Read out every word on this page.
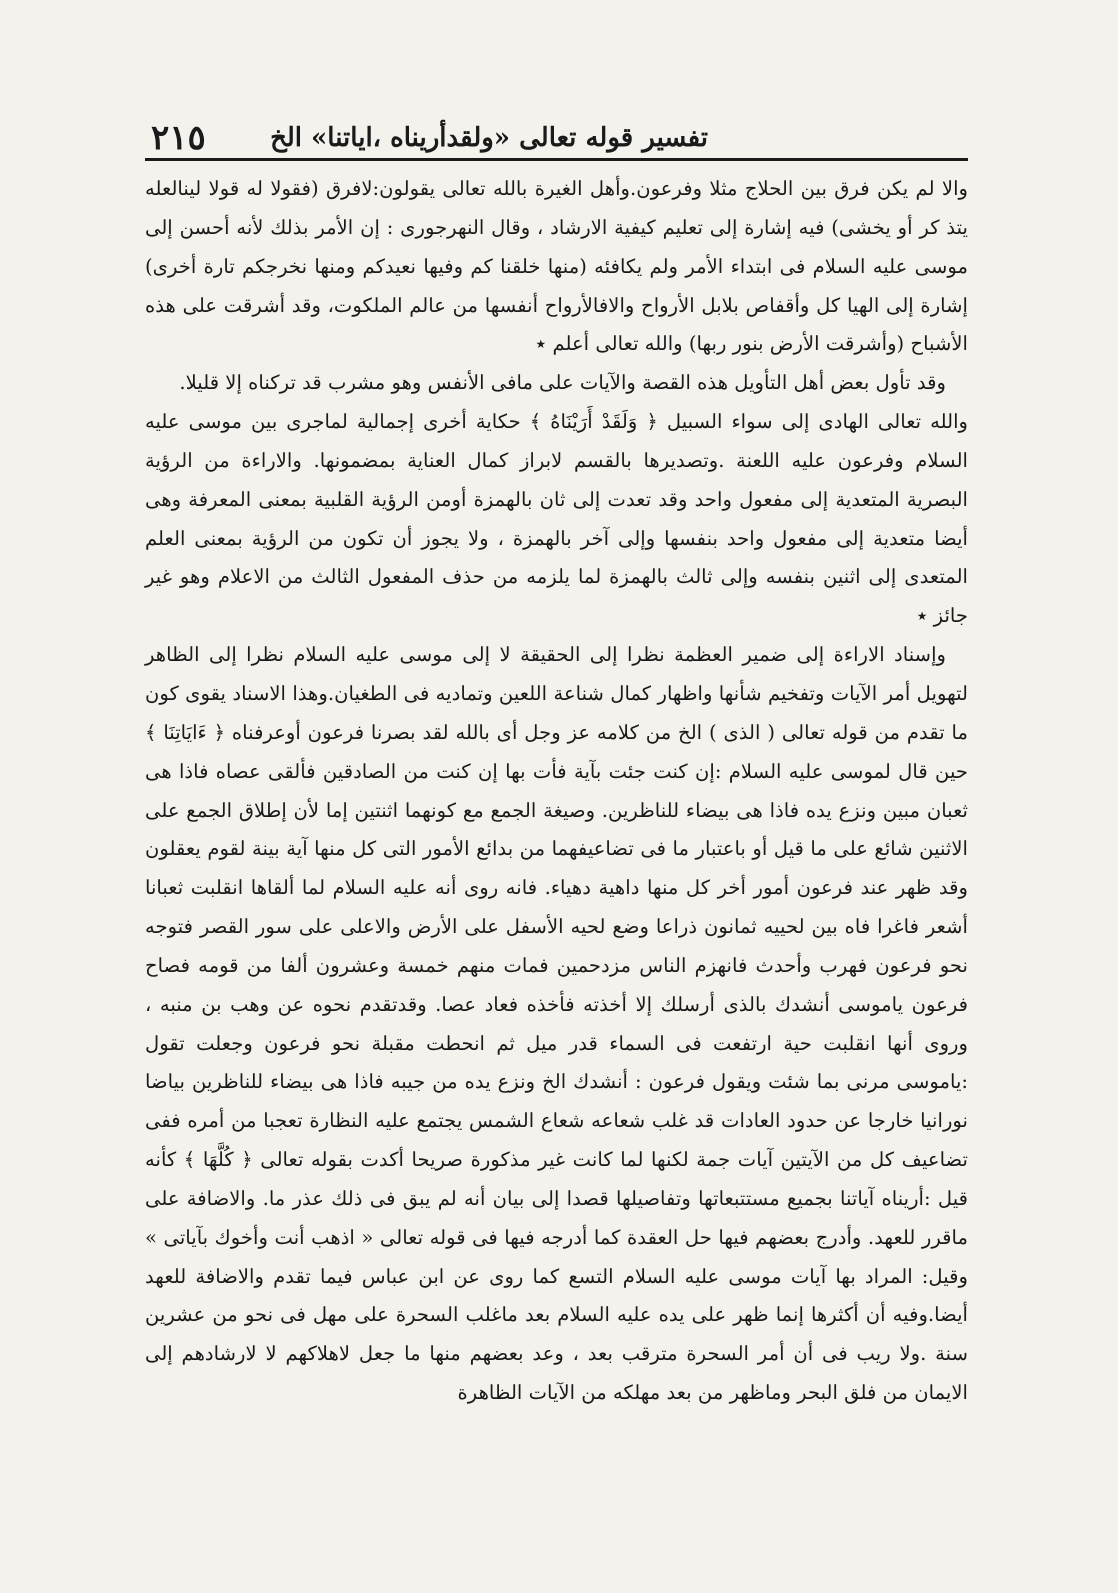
تفسير قوله تعالى «ولقدأريناه ،اياتنا» الخ
٢١٥

والا لم يكن فرق بين الحلاج مثلا وفرعون.وأهل الغيرة بالله تعالى يقولون:لافرق (فقولا له قولا لينالعله يتذ كر أو يخشى) فيه إشارة إلى تعليم كيفية الارشاد ، وقال النهرجورى : إن الأمر بذلك لأنه أحسن إلى موسى عليه السلام فى ابتداء الأمر ولم يكافئه (منها خلقنا كم وفيها نعيدكم ومنها نخرجكم تارة أخرى) إشارة إلى الهيا كل وأقفاص بلابل الأرواح والافالأرواح أنفسها من عالم الملكوت، وقد أشرقت على هذه الأشباح (وأشرقت الأرض بنور ربها) والله تعالى أعلم ٭

وقد تأول بعض أهل التأويل هذه القصة والآيات على مافى الأنفس وهو مشرب قد تركناه إلا قليلا.

والله تعالى الهادى إلى سواء السبيل ﴿ وَلَقَدْ أَرَيْنَاهُ ﴾ حكاية أخرى إجمالية لماجرى بين موسى عليه السلام وفرعون عليه اللعنة .وتصديرها بالقسم لابراز كمال العناية بمضمونها. والاراءة من الرؤية البصرية المتعدية إلى مفعول واحد وقد تعدت إلى ثان بالهمزة أومن الرؤية القلبية بمعنى المعرفة وهى أيضا متعدية إلى مفعول واحد بنفسها وإلى آخر بالهمزة ، ولا يجوز أن تكون من الرؤية بمعنى العلم المتعدى إلى اثنين بنفسه وإلى ثالث بالهمزة لما يلزمه من حذف المفعول الثالث من الاعلام وهو غير جائز ٭

وإسناد الاراءة إلى ضمير العظمة نظرا إلى الحقيقة لا إلى موسى عليه السلام نظرا إلى الظاهر لتهويل أمر الآيات وتفخيم شأنها واظهار كمال شناعة اللعين وتماديه فى الطغيان.وهذا الاسناد يقوى كون ما تقدم من قوله تعالى ( الذى ) الخ من كلامه عز وجل أى بالله لقد بصرنا فرعون أوعرفناه ﴿ ءَايَاتِنَا ﴾ حين قال لموسى عليه السلام :إن كنت جئت بآية فأت بها إن كنت من الصادقين فألقى عصاه فاذا هى ثعبان مبين ونزع يده فاذا هى بيضاء للناظرين. وصيغة الجمع مع كونهما اثنتين إما لأن إطلاق الجمع على الاثنين شائع على ما قيل أو باعتبار ما فى تضاعيفهما من بدائع الأمور التى كل منها آية بينة لقوم يعقلون وقد ظهر عند فرعون أمور أخر كل منها داهية دهياء. فانه روى أنه عليه السلام لما ألقاها انقلبت ثعبانا أشعر فاغرا فاه بين لحييه ثمانون ذراعا وضع لحيه الأسفل على الأرض والاعلى على سور القصر فتوجه نحو فرعون فهرب وأحدث فانهزم الناس مزدحمين فمات منهم خمسة وعشرون ألفا من قومه فصاح فرعون ياموسى أنشدك بالذى أرسلك إلا أخذته فأخذه فعاد عصا. وقدتقدم نحوه عن وهب بن منبه ، وروى أنها انقلبت حية ارتفعت فى السماء قدر ميل ثم انحطت مقبلة نحو فرعون وجعلت تقول :ياموسى مرنى بما شئت ويقول فرعون : أنشدك الخ ونزع يده من جيبه فاذا هى بيضاء للناظرين بياضا نورانيا خارجا عن حدود العادات قد غلب شعاعه شعاع الشمس يجتمع عليه النظارة تعجبا من أمره ففى تضاعيف كل من الآيتين آيات جمة لكنها لما كانت غير مذكورة صريحا أكدت بقوله تعالى ﴿ كُلَّهَا ﴾ كأنه قيل :أريناه آياتنا بجميع مستتبعاتها وتفاصيلها قصدا إلى بيان أنه لم يبق فى ذلك عذر ما. والاضافة على ماقرر للعهد. وأدرج بعضهم فيها حل العقدة كما أدرجه فيها فى قوله تعالى « اذهب أنت وأخوك بآياتى » وقيل: المراد بها آيات موسى عليه السلام التسع كما روى عن ابن عباس فيما تقدم والاضافة للعهد أيضا.وفيه أن أكثرها إنما ظهر على يده عليه السلام بعد ماغلب السحرة على مهل فى نحو من عشرين سنة .ولا ريب فى أن أمر السحرة مترقب بعد ، وعد بعضهم منها ما جعل لاهلاكهم لا لارشادهم إلى الايمان من فلق البحر وماظهر من بعد مهلكه من الآيات الظاهرة
